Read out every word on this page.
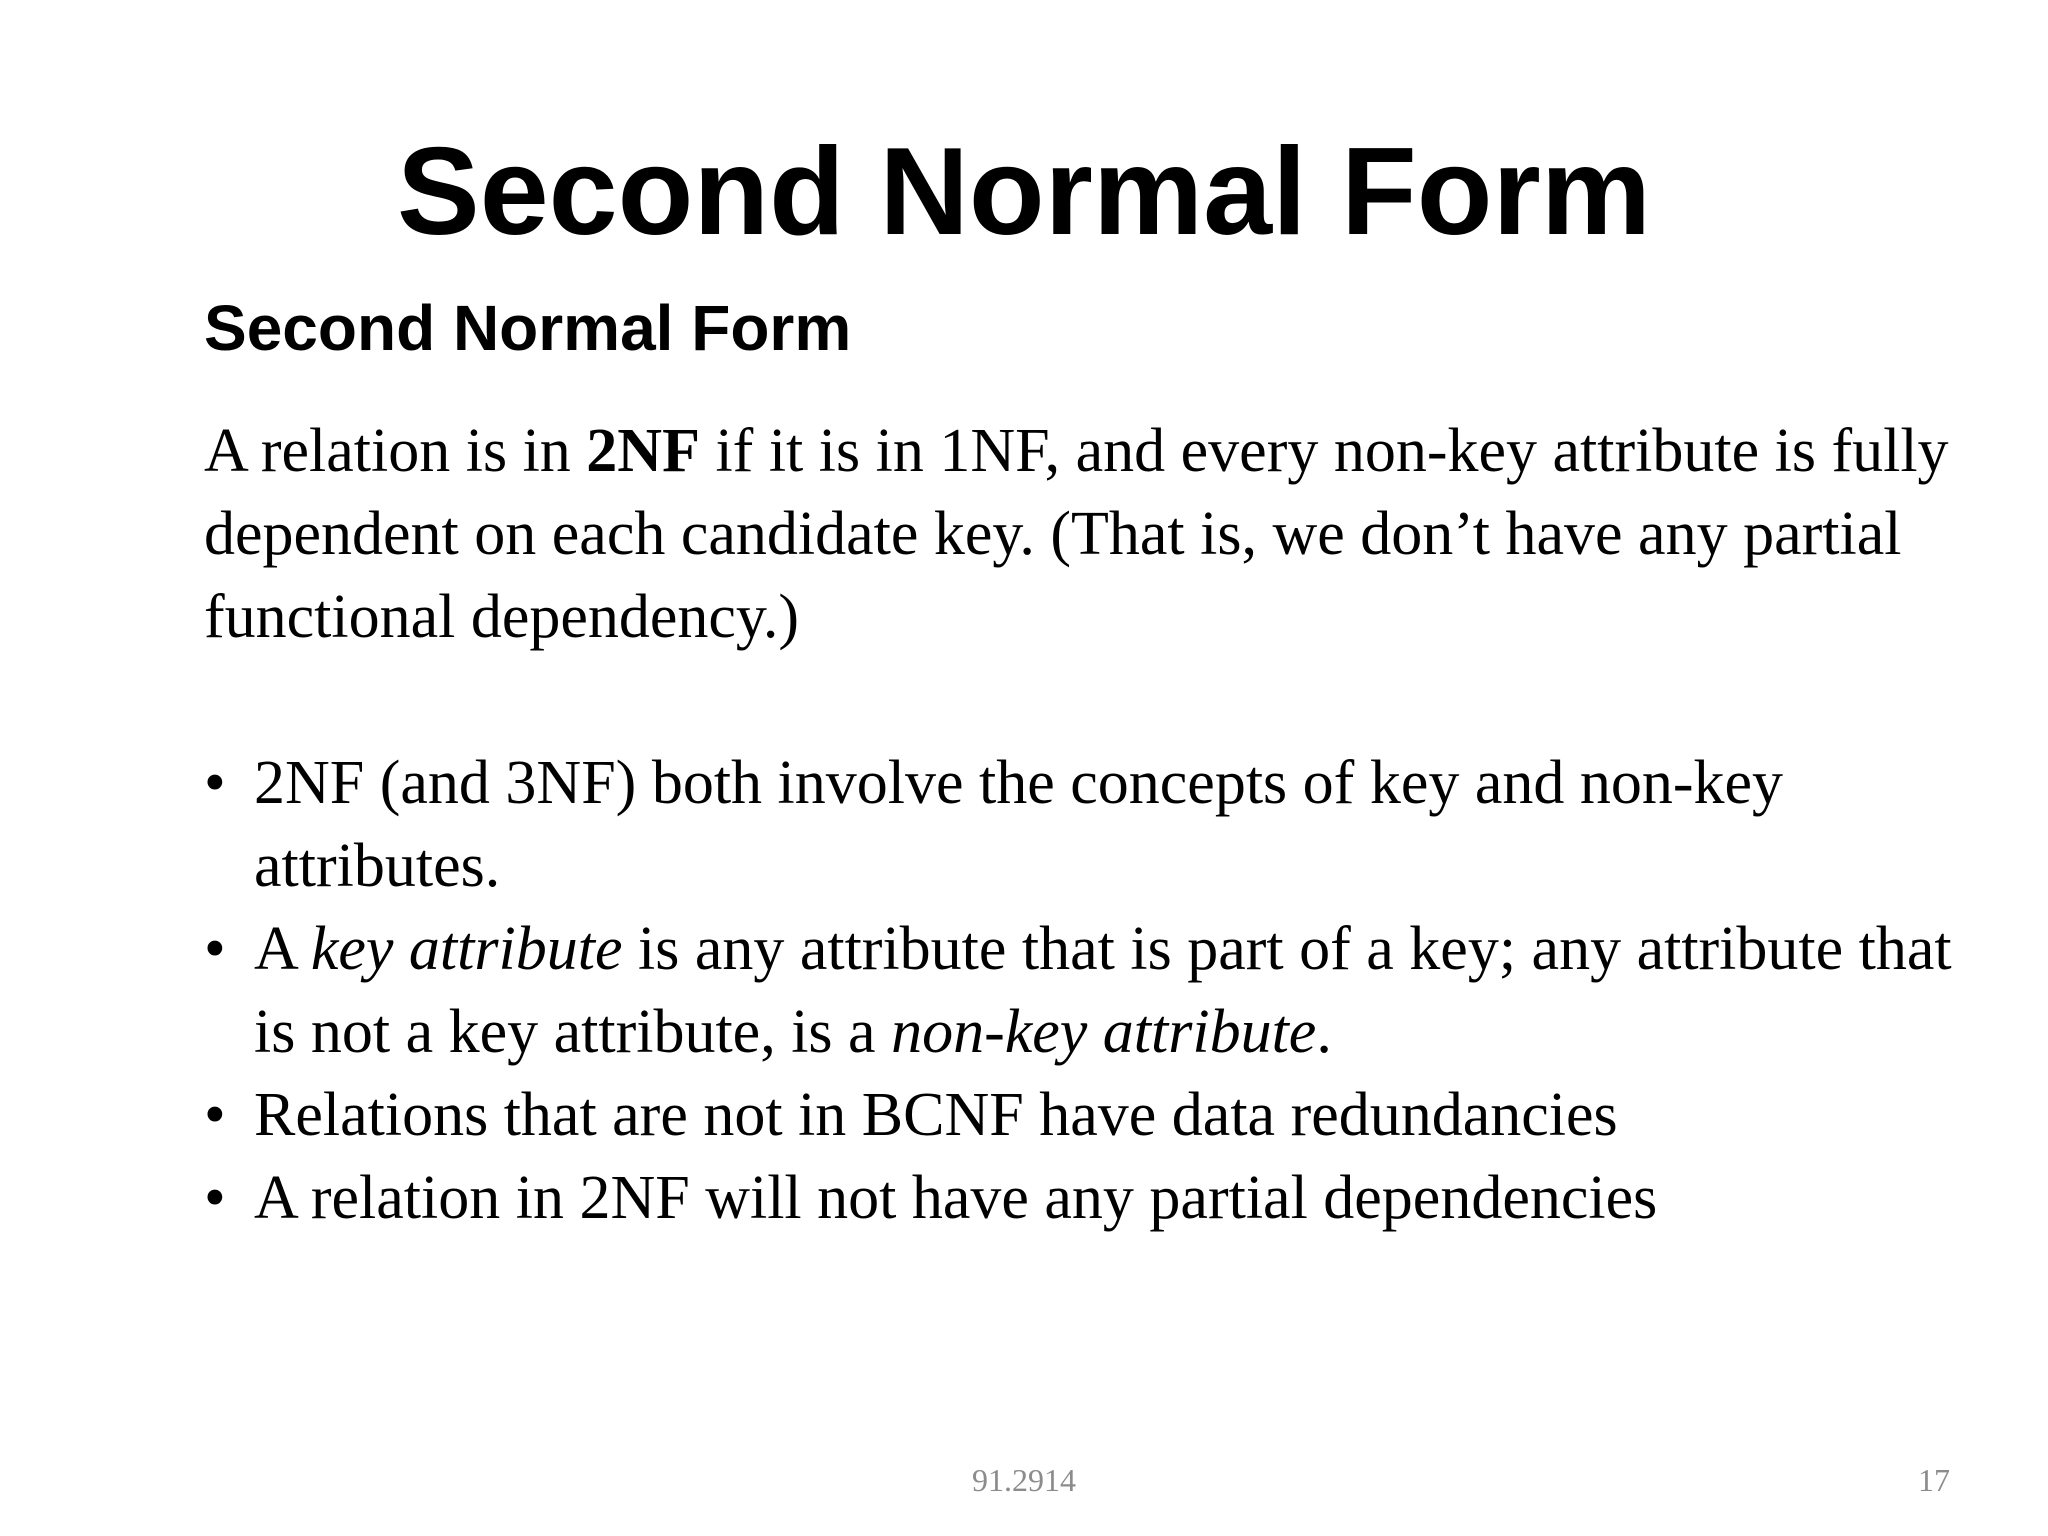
Second Normal Form
Second Normal Form

A relation is in 2NF if it is in 1NF, and every non-key attribute is fully dependent on each candidate key. (That is, we don’t have any partial functional dependency.)

• 2NF (and 3NF) both involve the concepts of key and non-key attributes.

• A key attribute is any attribute that is part of a key; any attribute that is not a key attribute, is a non-key attribute.

• Relations that are not in BCNF have data redundancies

• A relation in 2NF will not have any partial dependencies

91.2914	17
